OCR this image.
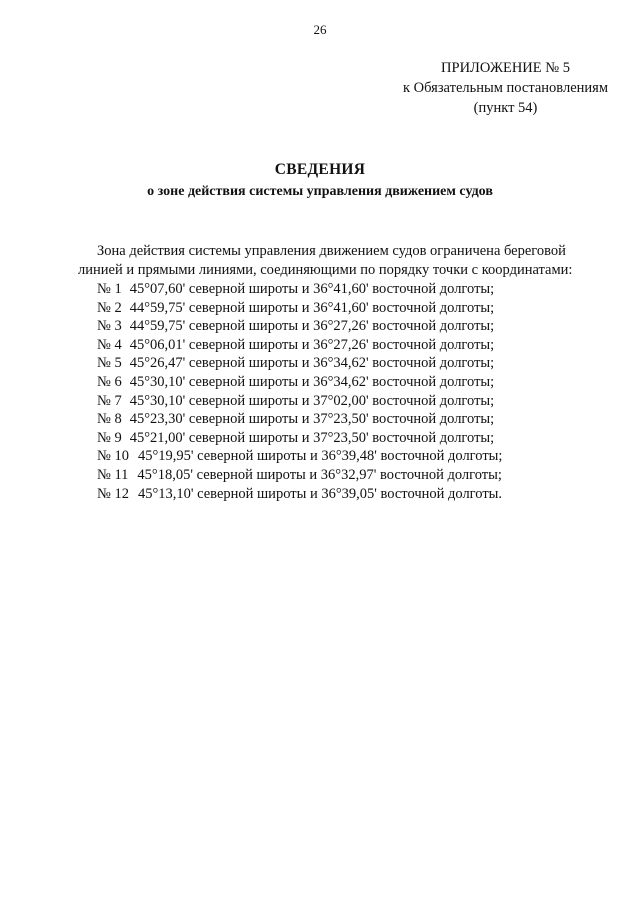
26
ПРИЛОЖЕНИЕ № 5
к Обязательным постановлениям
(пункт 54)
СВЕДЕНИЯ
о зоне действия системы управления движением судов
Зона действия системы управления движением судов ограничена береговой
линией и прямыми линиями, соединяющими по порядку точки с координатами:
№ 1 45°07,60' северной широты и 36°41,60' восточной долготы;
№ 2 44°59,75' северной широты и 36°41,60' восточной долготы;
№ 3 44°59,75' северной широты и 36°27,26' восточной долготы;
№ 4 45°06,01' северной широты и 36°27,26' восточной долготы;
№ 5 45°26,47' северной широты и 36°34,62' восточной долготы;
№ 6 45°30,10' северной широты и 36°34,62' восточной долготы;
№ 7 45°30,10' северной широты и 37°02,00' восточной долготы;
№ 8 45°23,30' северной широты и 37°23,50' восточной долготы;
№ 9 45°21,00' северной широты и 37°23,50' восточной долготы;
№ 10 45°19,95' северной широты и 36°39,48' восточной долготы;
№ 11 45°18,05' северной широты и 36°32,97' восточной долготы;
№ 12 45°13,10' северной широты и 36°39,05' восточной долготы.
